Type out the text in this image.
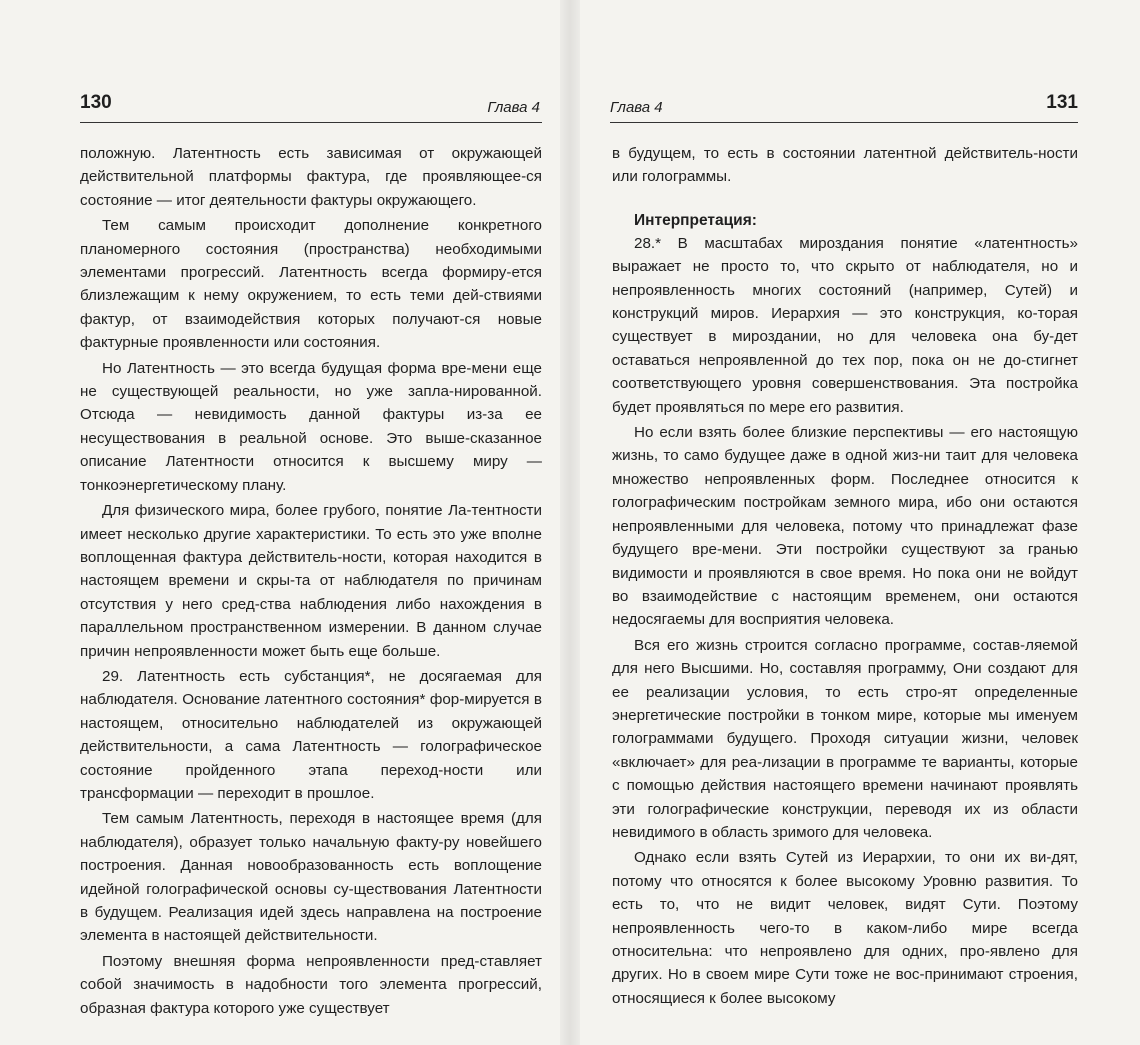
130	Глава 4

положную. Латентность есть зависимая от окружающей действительной платформы фактура, где проявляющее-ся состояние — итог деятельности фактуры окружающего.

Тем самым происходит дополнение конкретного планомерного состояния (пространства) необходимыми элементами прогрессий. Латентность всегда формиру-ется близлежащим к нему окружением, то есть теми дей-ствиями фактур, от взаимодействия которых получают-ся новые фактурные проявленности или состояния.

Но Латентность — это всегда будущая форма вре-мени еще не существующей реальности, но уже запла-нированной. Отсюда — невидимость данной фактуры из-за ее несуществования в реальной основе. Это выше-сказанное описание Латентности относится к высшему миру — тонкоэнергетическому плану.

Для физического мира, более грубого, понятие Ла-тентности имеет несколько другие характеристики. То есть это уже вполне воплощенная фактура действитель-ности, которая находится в настоящем времени и скры-та от наблюдателя по причинам отсутствия у него сред-ства наблюдения либо нахождения в параллельном пространственном измерении. В данном случае причин непроявленности может быть еще больше.

29. Латентность есть субстанция*, не досягаемая для наблюдателя. Основание латентного состояния* фор-мируется в настоящем, относительно наблюдателей из окружающей действительности, а сама Латентность — голографическое состояние пройденного этапа переход-ности или трансформации — переходит в прошлое.

Тем самым Латентность, переходя в настоящее время (для наблюдателя), образует только начальную факту-ру новейшего построения. Данная новообразованность есть воплощение идейной голографической основы су-ществования Латентности в будущем. Реализация идей здесь направлена на построение элемента в настоящей действительности.

Поэтому внешняя форма непроявленности пред-ставляет собой значимость в надобности того элемента прогрессий, образная фактура которого уже существует

Глава 4	131

в будущем, то есть в состоянии латентной действитель-ности или голограммы.

Интерпретация:

28.* В масштабах мироздания понятие «латентность» выражает не просто то, что скрыто от наблюдателя, но и непроявленность многих состояний (например, Сутей) и конструкций миров. Иерархия — это конструкция, ко-торая существует в мироздании, но для человека она бу-дет оставаться непроявленной до тех пор, пока он не до-стигнет соответствующего уровня совершенствования. Эта постройка будет проявляться по мере его развития.

Но если взять более близкие перспективы — его настоящую жизнь, то само будущее даже в одной жиз-ни таит для человека множество непроявленных форм. Последнее относится к голографическим постройкам земного мира, ибо они остаются непроявленными для человека, потому что принадлежат фазе будущего вре-мени. Эти постройки существуют за гранью видимости и проявляются в свое время. Но пока они не войдут во взаимодействие с настоящим временем, они остаются недосягаемы для восприятия человека.

Вся его жизнь строится согласно программе, состав-ляемой для него Высшими. Но, составляя программу, Они создают для ее реализации условия, то есть стро-ят определенные энергетические постройки в тонком мире, которые мы именуем голограммами будущего. Проходя ситуации жизни, человек «включает» для реа-лизации в программе те варианты, которые с помощью действия настоящего времени начинают проявлять эти голографические конструкции, переводя их из области невидимого в область зримого для человека.

Однако если взять Сутей из Иерархии, то они их ви-дят, потому что относятся к более высокому Уровню развития. То есть то, что не видит человек, видят Сути. Поэтому непроявленность чего-то в каком-либо мире всегда относительна: что непроявлено для одних, про-явлено для других. Но в своем мире Сути тоже не вос-принимают строения, относящиеся к более высокому
